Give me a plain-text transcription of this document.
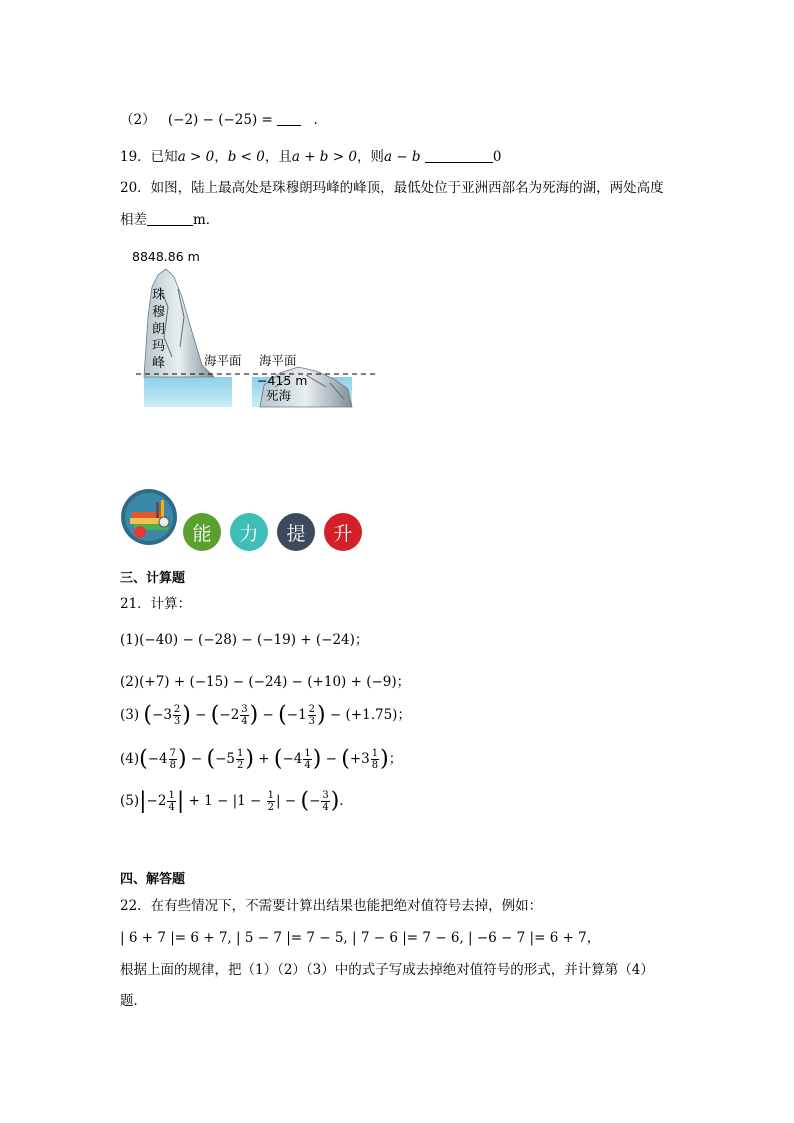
（2） (−2) − (−25) =	.
19．已知a > 0，b < 0，且a + b > 0，则a − b	0
20．如图，陆上最高处是珠穆朗玛峰的峰顶，最低处位于亚洲西部名为死海的湖，两处高度
相差	m．
8848.86 m
珠穆朗玛峰	海平面 海平面
−415 m
死海
能	力	提	升
三、计算题
21．计算：
(1)(−40) − (−28) − (−19) + (−24)；
(2)(+7) + (−15) − (−24) − (+10) + (−9)；
(3) ($-3 \frac{2}{3}$ ) − ($-2 \frac{3}{4}$ ) − ($-1 \frac{2}{3}$ ) − (+1.75)；
$(4)(-4 \frac{7}{8}$ ) − ($-5 \frac{1}{2}$ ) + ($-4 \frac{1}{4}$ ) − ($+3 \frac{1}{8}$ )；
$(5)|-2 \frac{1}{4}$ | + $1 - |1 - \frac{1}{2}$ | − (− $\frac{3}{4}$ )．
四、解答题
22．在有些情况下，不需要计算出结果也能把绝对值符号去掉，例如：
| 6 + 7 |= 6 + 7, | 5 − 7 |= 7 − 5, | 7 − 6 |= 7 − 6, | −6 − 7 |= 6 + 7，
根据上面的规律，把（1）（2）（3）中的式子写成去掉绝对值符号的形式，并计算第（4）
题．
